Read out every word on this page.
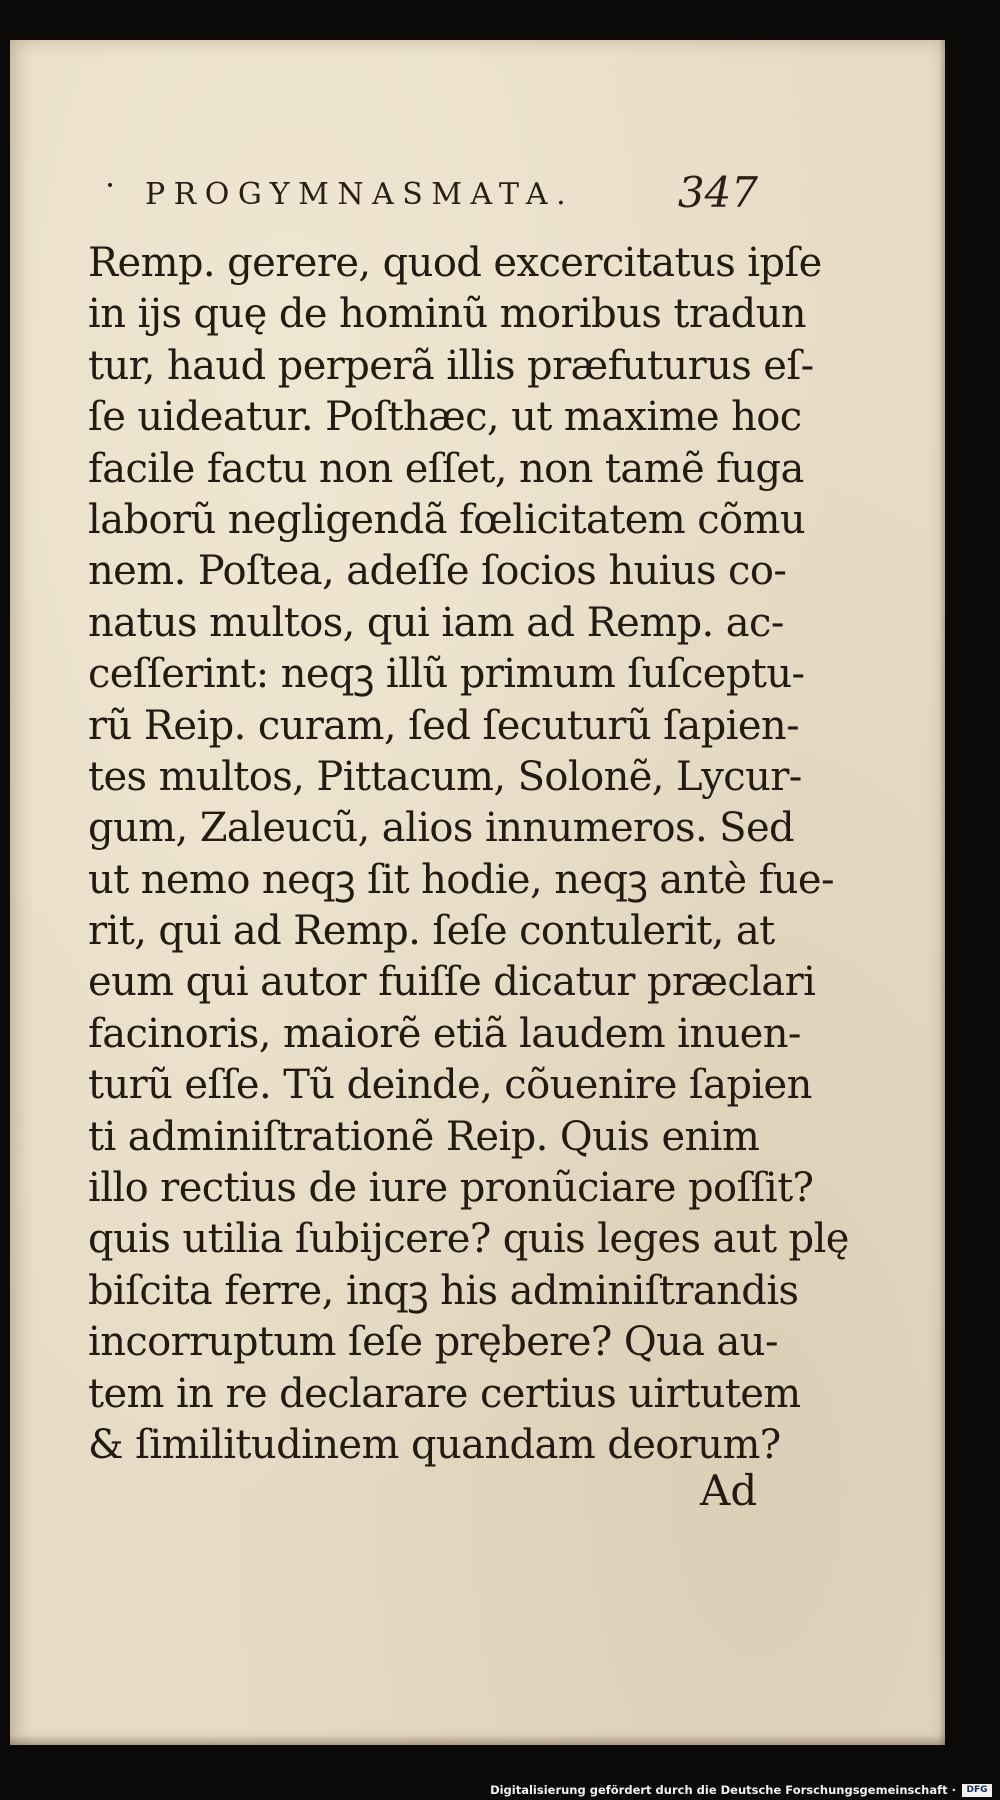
· PROGYMNASMATA. 347
Remp. gerere, quod excercitatus ipſe
in ijs quę de hominũ moribus tradun
tur, haud perperã illis præfuturus eſ-
ſe uideatur. Poſthæc, ut maxime hoc
facile factu non eſſet, non tamẽ fuga
laborũ negligendã fœlicitatem cõmu
nem. Poſtea, adeſſe ſocios huius co-
natus multos, qui iam ad Remp. ac-
ceſſerint: neqꝫ illũ primum ſuſceptu-
rũ Reip. curam, ſed ſecuturũ ſapien-
tes multos, Pittacum, Solonẽ, Lycur-
gum, Zaleucũ, alios innumeros. Sed
ut nemo neqꝫ ſit hodie, neqꝫ antè fue-
rit, qui ad Remp. ſeſe contulerit, at
eum qui autor fuiſſe dicatur præclari
facinoris, maiorẽ etiã laudem inuen-
turũ eſſe. Tũ deinde, cõuenire ſapien
ti adminiſtrationẽ Reip. Quis enim
illo rectius de iure pronũciare poſſit?
quis utilia ſubijcere? quis leges aut plę
biſcita ferre, inqꝫ his adminiſtrandis
incorruptum ſeſe prębere? Qua au-
tem in re declarare certius uirtutem
& ſimilitudinem quandam deorum?
Ad
Digitalisierung gefördert durch die Deutsche Forschungsgemeinschaft ·	DFG
